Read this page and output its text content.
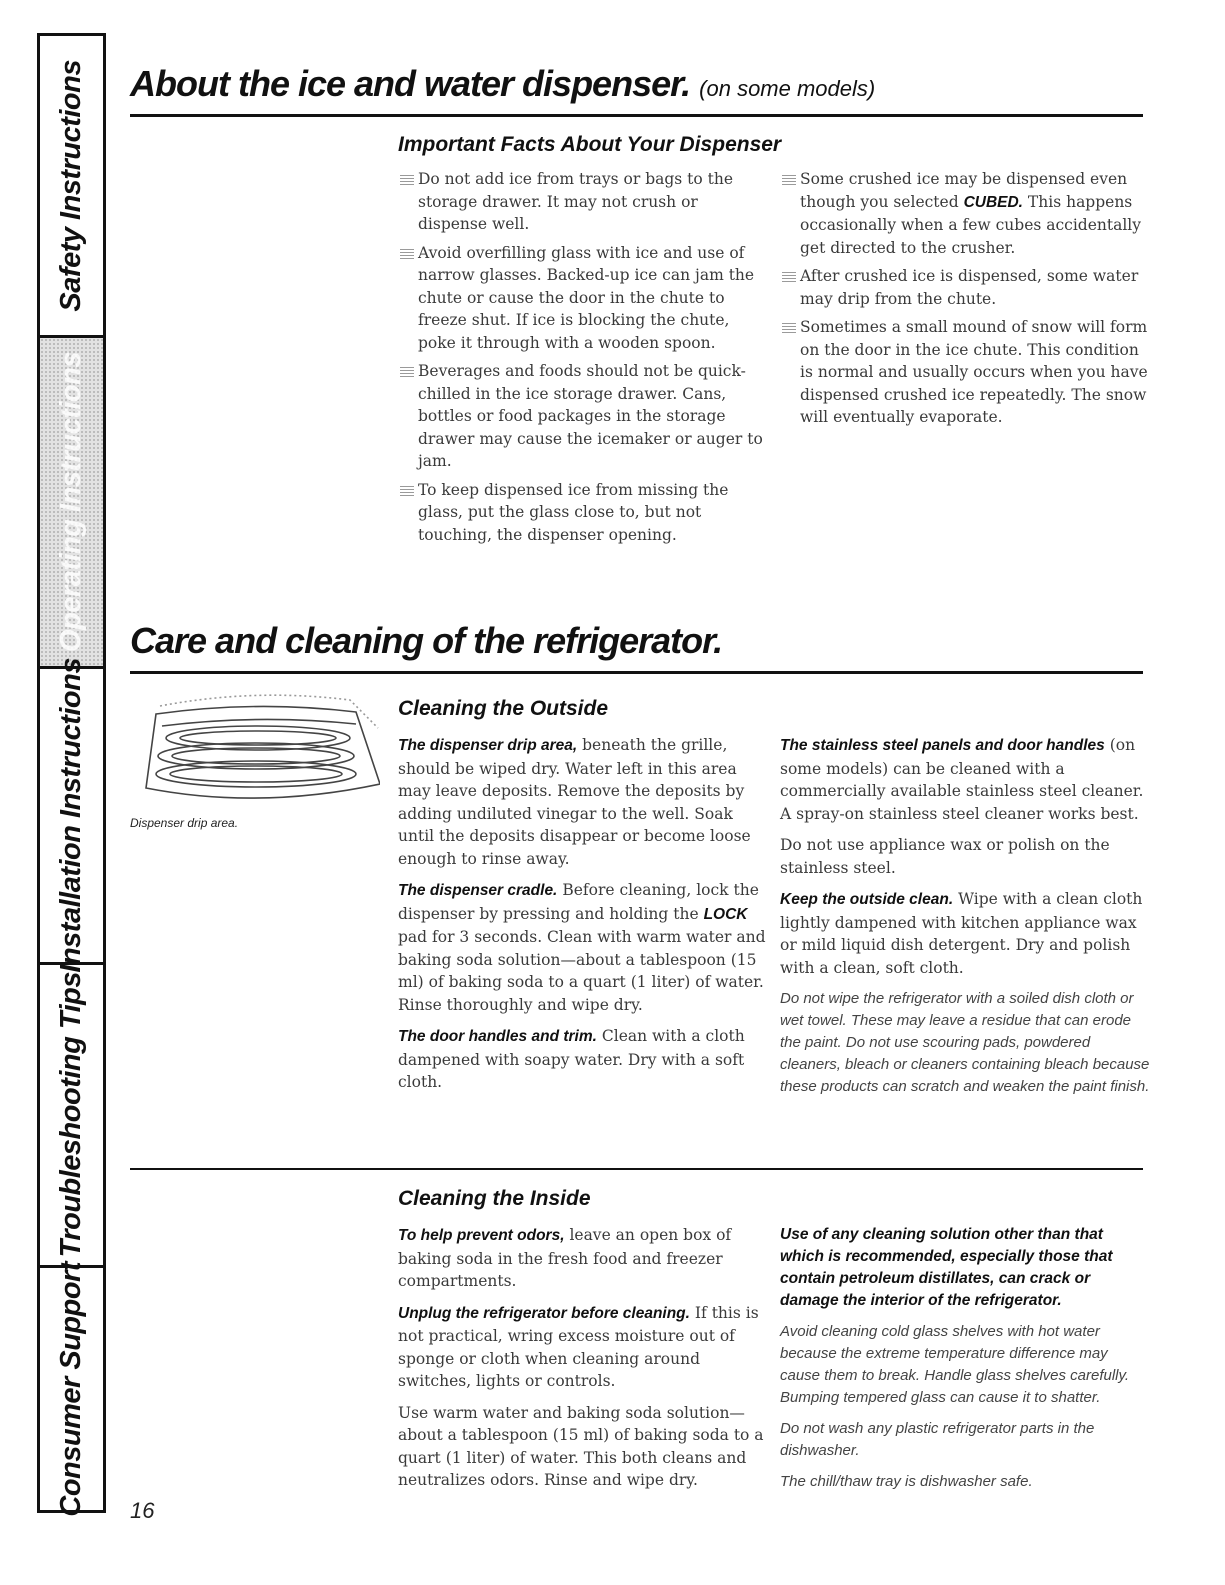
Safety Instructions
Operating Instructions
Installation Instructions
Troubleshooting Tips
Consumer Support
About the ice and water dispenser. (on some models)
Important Facts About Your Dispenser
Do not add ice from trays or bags to the storage drawer. It may not crush or dispense well.
Avoid overfilling glass with ice and use of narrow glasses. Backed-up ice can jam the chute or cause the door in the chute to freeze shut. If ice is blocking the chute, poke it through with a wooden spoon.
Beverages and foods should not be quick-chilled in the ice storage drawer. Cans, bottles or food packages in the storage drawer may cause the icemaker or auger to jam.
To keep dispensed ice from missing the glass, put the glass close to, but not touching, the dispenser opening.
Some crushed ice may be dispensed even though you selected CUBED. This happens occasionally when a few cubes accidentally get directed to the crusher.
After crushed ice is dispensed, some water may drip from the chute.
Sometimes a small mound of snow will form on the door in the ice chute. This condition is normal and usually occurs when you have dispensed crushed ice repeatedly. The snow will eventually evaporate.
Care and cleaning of the refrigerator.
Dispenser drip area.
Cleaning the Outside

The dispenser drip area, beneath the grille, should be wiped dry. Water left in this area may leave deposits. Remove the deposits by adding undiluted vinegar to the well. Soak until the deposits disappear or become loose enough to rinse away.

The dispenser cradle. Before cleaning, lock the dispenser by pressing and holding the LOCK pad for 3 seconds. Clean with warm water and baking soda solution—about a tablespoon (15 ml) of baking soda to a quart (1 liter) of water. Rinse thoroughly and wipe dry.

The door handles and trim. Clean with a cloth dampened with soapy water. Dry with a soft cloth.

The stainless steel panels and door handles (on some models) can be cleaned with a commercially available stainless steel cleaner. A spray-on stainless steel cleaner works best.

Do not use appliance wax or polish on the stainless steel.

Keep the outside clean. Wipe with a clean cloth lightly dampened with kitchen appliance wax or mild liquid dish detergent. Dry and polish with a clean, soft cloth.

Do not wipe the refrigerator with a soiled dish cloth or wet towel. These may leave a residue that can erode the paint. Do not use scouring pads, powdered cleaners, bleach or cleaners containing bleach because these products can scratch and weaken the paint finish.

Cleaning the Inside

To help prevent odors, leave an open box of baking soda in the fresh food and freezer compartments.

Unplug the refrigerator before cleaning. If this is not practical, wring excess moisture out of sponge or cloth when cleaning around switches, lights or controls.

Use warm water and baking soda solution—about a tablespoon (15 ml) of baking soda to a quart (1 liter) of water. This both cleans and neutralizes odors. Rinse and wipe dry.

Use of any cleaning solution other than that which is recommended, especially those that contain petroleum distillates, can crack or damage the interior of the refrigerator.

Avoid cleaning cold glass shelves with hot water because the extreme temperature difference may cause them to break. Handle glass shelves carefully. Bumping tempered glass can cause it to shatter.

Do not wash any plastic refrigerator parts in the dishwasher.

The chill/thaw tray is dishwasher safe.

16
